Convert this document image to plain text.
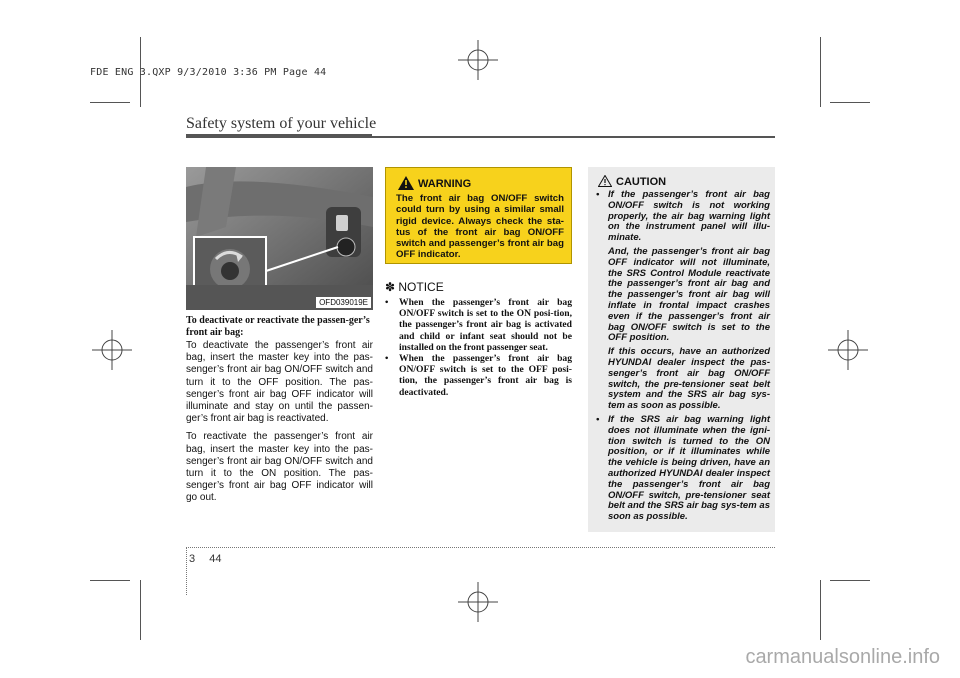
FDE ENG 3.QXP 9/3/2010 3:36 PM Page 44
Safety system of your vehicle
OFD039019E
To deactivate or reactivate the passen-ger’s front air bag:

To deactivate the passenger’s front air bag, insert the master key into the pas-senger’s front air bag ON/OFF switch and turn it to the OFF position. The pas-senger’s front air bag OFF indicator will illuminate and stay on until the passen-ger’s front air bag is reactivated.

To reactivate the passenger’s front air bag, insert the master key into the pas-senger’s front air bag ON/OFF switch and turn it to the ON position. The pas-senger’s front air bag OFF indicator will go out.

WARNING
The front air bag ON/OFF switch could turn by using a similar small rigid device. Always check the sta-tus of the front air bag ON/OFF switch and passenger’s front air bag OFF indicator.
✽ NOTICE
• When the passenger’s front air bag ON/OFF switch is set to the ON posi-tion, the passenger’s front air bag is activated and child or infant seat should not be installed on the front passenger seat.
• When the passenger’s front air bag ON/OFF switch is set to the OFF posi-tion, the passenger’s front air bag is deactivated.
CAUTION
• If the passenger’s front air bag ON/OFF switch is not working properly, the air bag warning light on the instrument panel will illu-minate.

And, the passenger’s front air bag OFF indicator will not illuminate, the SRS Control Module reactivate the passenger’s front air bag and the passenger’s front air bag will inflate in frontal impact crashes even if the passenger’s front air bag ON/OFF switch is set to the OFF position.

If this occurs, have an authorized HYUNDAI dealer inspect the pas-senger’s front air bag ON/OFF switch, the pre-tensioner seat belt system and the SRS air bag sys-tem as soon as possible.

• If the SRS air bag warning light does not illuminate when the igni-tion switch is turned to the ON position, or if it illuminates while the vehicle is being driven, have an authorized HYUNDAI dealer inspect the passenger’s front air bag ON/OFF switch, pre-tensioner seat belt and the SRS air bag sys-tem as soon as possible.

3 44
carmanualsonline.info
